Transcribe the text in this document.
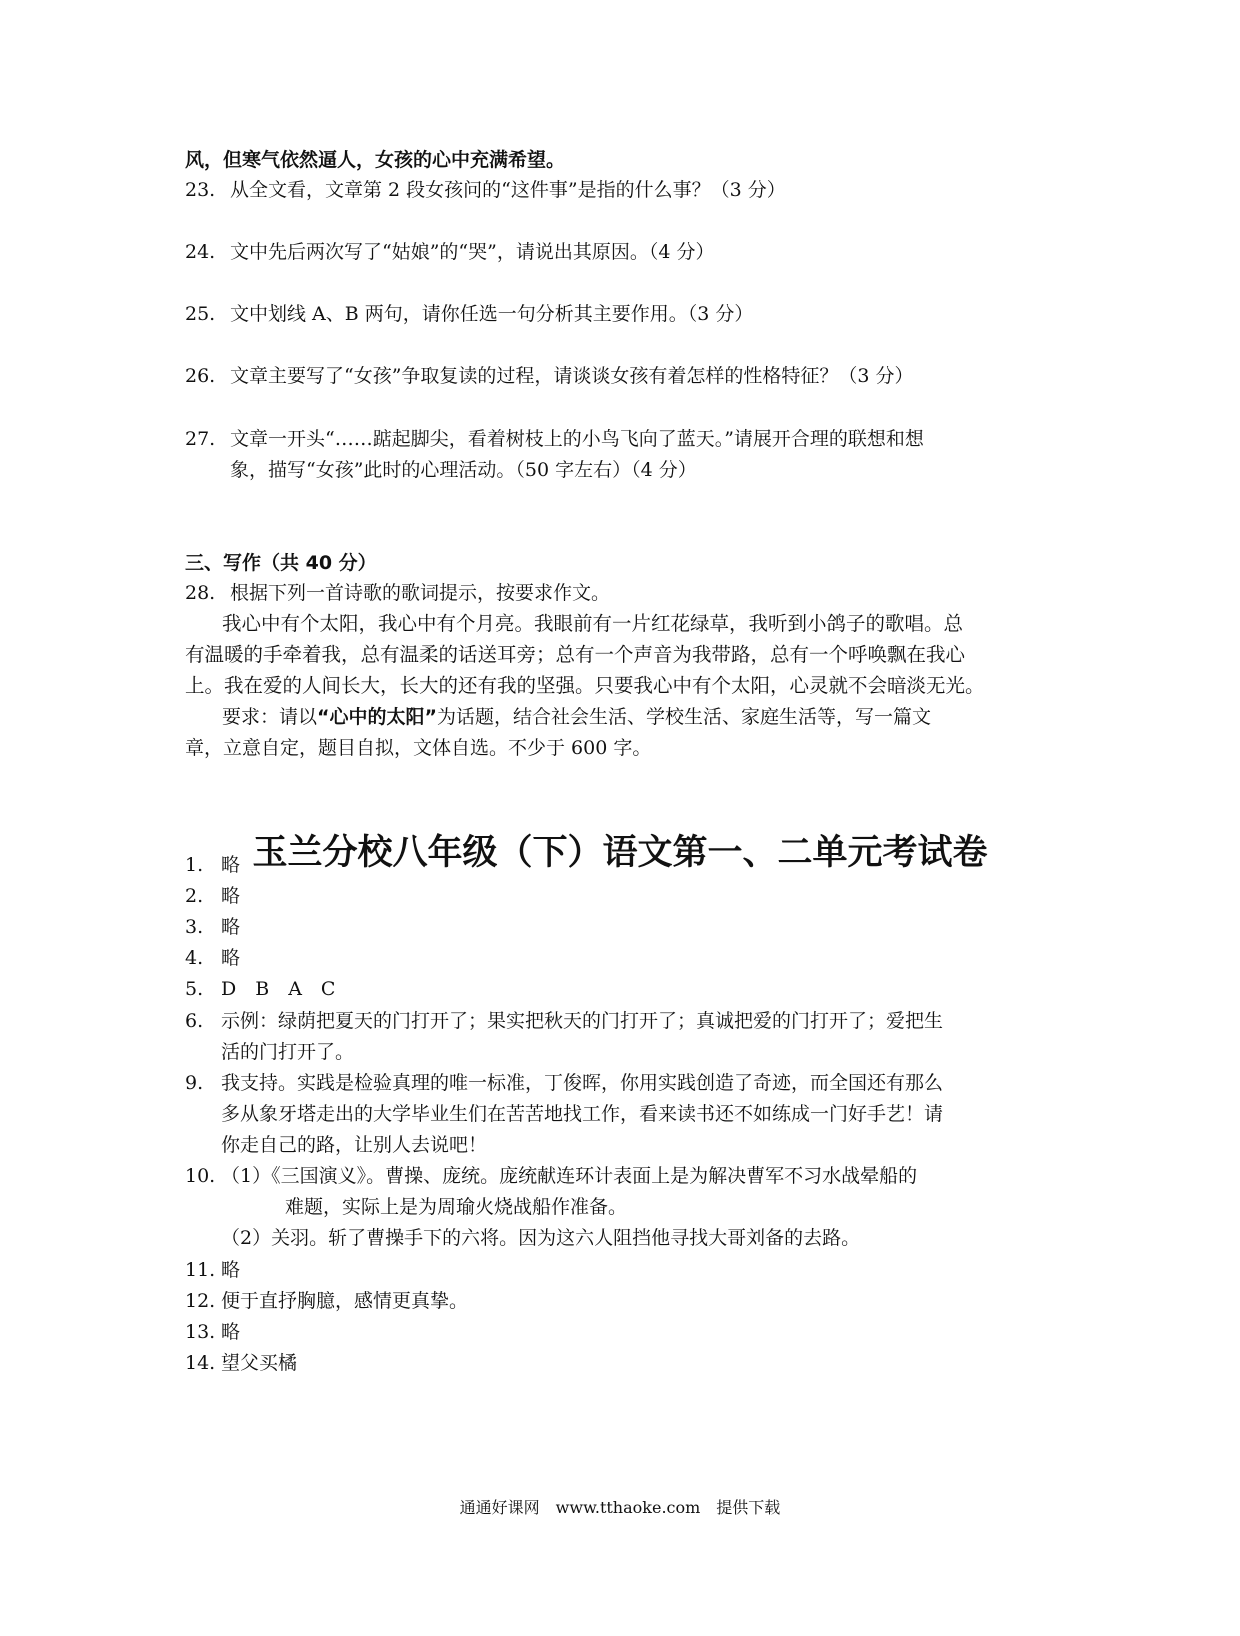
风，但寒气依然逼人，女孩的心中充满希望。
23. 从全文看，文章第 2 段女孩问的“这件事”是指的什么事？（3 分）
24. 文中先后两次写了“姑娘”的“哭”，请说出其原因。（4 分）
25. 文中划线 A、B 两句，请你任选一句分析其主要作用。（3 分）
26. 文章主要写了“女孩”争取复读的过程，请谈谈女孩有着怎样的性格特征？（3 分）
27. 文章一开头“……踮起脚尖，看着树枝上的小鸟飞向了蓝天。”请展开合理的联想和想
象，描写“女孩”此时的心理活动。（50 字左右）（4 分）
三、写作（共 40 分）
28. 根据下列一首诗歌的歌词提示，按要求作文。
我心中有个太阳，我心中有个月亮。我眼前有一片红花绿草，我听到小鸽子的歌唱。总
有温暖的手牵着我，总有温柔的话送耳旁；总有一个声音为我带路，总有一个呼唤飘在我心
上。我在爱的人间长大，长大的还有我的坚强。只要我心中有个太阳，心灵就不会暗淡无光。
要求：请以“心中的太阳”为话题，结合社会生活、学校生活、家庭生活等，写一篇文
章，立意自定，题目自拟，文体自选。不少于 600 字。
玉兰分校八年级（下）语文第一、二单元考试卷
1. 略
2. 略
3. 略
4. 略
5. D　B　A　C
6. 示例：绿荫把夏天的门打开了；果实把秋天的门打开了；真诚把爱的门打开了；爱把生
活的门打开了。
9. 我支持。实践是检验真理的唯一标准，丁俊晖，你用实践创造了奇迹，而全国还有那么
多从象牙塔走出的大学毕业生们在苦苦地找工作，看来读书还不如练成一门好手艺！请
你走自己的路，让别人去说吧！
10. （1）《三国演义》。曹操、庞统。庞统献连环计表面上是为解决曹军不习水战晕船的
难题，实际上是为周瑜火烧战船作准备。
（2）关羽。斩了曹操手下的六将。因为这六人阻挡他寻找大哥刘备的去路。
11. 略
12. 便于直抒胸臆，感情更真挚。
13. 略
14. 望父买橘
通通好课网　www.tthaoke.com　提供下载
